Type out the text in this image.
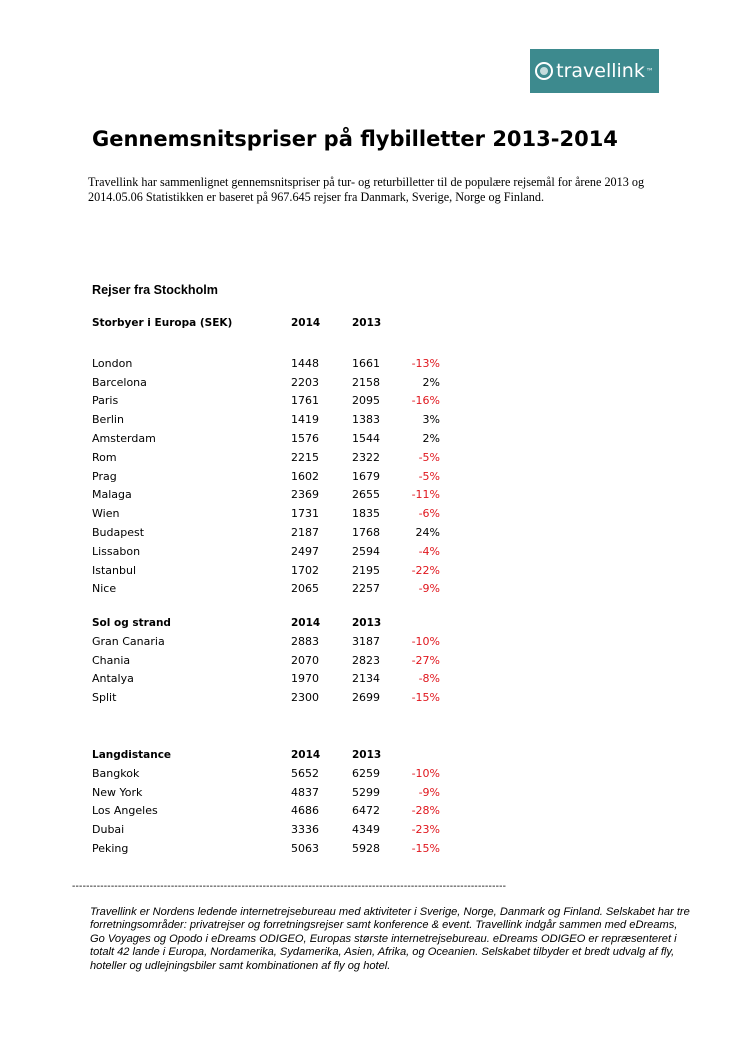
travellink ™
Gennemsnitspriser på flybilletter 2013-2014

Travellink har sammenlignet gennemsnitspriser på tur- og returbilletter til de populære rejsemål for årene 2013 og 2014.05.06 Statistikken er baseret på 967.645 rejser fra Danmark, Sverige, Norge og Finland.

Rejser fra Stockholm
Storbyer i Europa (SEK)	2014	2013
London	1448	1661	-13%
Barcelona	2203	2158	2%
Paris	1761	2095	-16%
Berlin	1419	1383	3%
Amsterdam	1576	1544	2%
Rom	2215	2322	-5%
Prag	1602	1679	-5%
Malaga	2369	2655	-11%
Wien	1731	1835	-6%
Budapest	2187	1768	24%
Lissabon	2497	2594	-4%
Istanbul	1702	2195	-22%
Nice	2065	2257	-9%
Sol og strand	2014	2013
Gran Canaria	2883	3187	-10%
Chania	2070	2823	-27%
Antalya	1970	2134	-8%
Split	2300	2699	-15%
Langdistance	2014	2013
Bangkok	5652	6259	-10%
New York	4837	5299	-9%
Los Angeles	4686	6472	-28%
Dubai	3336	4349	-23%
Peking	5063	5928	-15%
---------------------------------------------------------------------------------------------------------------------------

Travellink er Nordens ledende internetrejsebureau med aktiviteter i Sverige, Norge, Danmark og Finland. Selskabet har tre forretningsområder: privatrejser og forretningsrejser samt konference & event. Travellink indgår sammen med eDreams, Go Voyages og Opodo i eDreams ODIGEO, Europas største internetrejsebureau. eDreams ODIGEO er repræsenteret i totalt 42 lande i Europa, Nordamerika, Sydamerika, Asien, Afrika, og Oceanien. Selskabet tilbyder et bredt udvalg af fly, hoteller og udlejningsbiler samt kombinationen af fly og hotel.
